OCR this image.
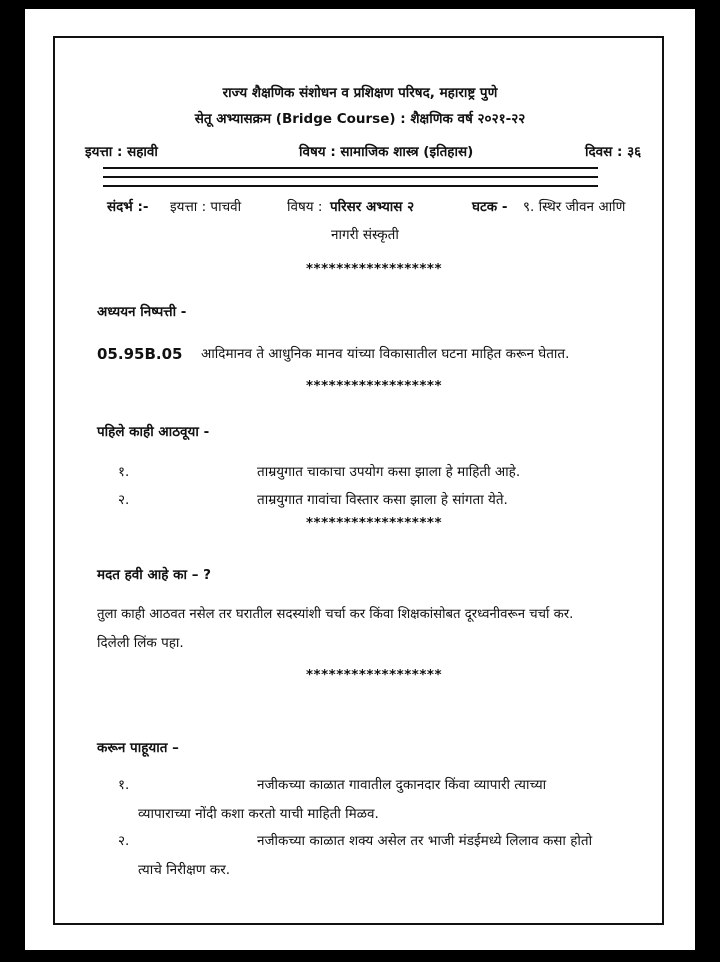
राज्य शैक्षणिक संशोधन व प्रशिक्षण परिषद, महाराष्ट्र पुणे
सेतू अभ्यासक्रम (Bridge Course) : शैक्षणिक वर्ष २०२१-२२
इयत्ता : सहावी	विषय : सामाजिक शास्त्र (इतिहास)	दिवस : ३६
संदर्भ :- इयत्ता : पाचवी	विषय : परिसर अभ्यास २	घटक - ९. स्थिर जीवन आणि
नागरी संस्कृती
******************
अध्ययन निष्पत्ती -
05.95B.05 आदिमानव ते आधुनिक मानव यांच्या विकासातील घटना माहित करून घेतात.
******************
पहिले काही आठवूया -
१.	ताम्रयुगात चाकाचा उपयोग कसा झाला हे माहिती आहे.
२.	ताम्रयुगात गावांचा विस्तार कसा झाला हे सांगता येते.
******************
मदत हवी आहे का – ?
तुला काही आठवत नसेल तर घरातील सदस्यांशी चर्चा कर किंवा शिक्षकांसोबत दूरध्वनीवरून चर्चा कर.
दिलेली लिंक पहा.
******************
करून पाहूयात –
१.	नजीकच्या काळात गावातील दुकानदार किंवा व्यापारी त्याच्या
व्यापाराच्या नोंदी कशा करतो याची माहिती मिळव.
२.	नजीकच्या काळात शक्य असेल तर भाजी मंडईमध्ये लिलाव कसा होतो
त्याचे निरीक्षण कर.
